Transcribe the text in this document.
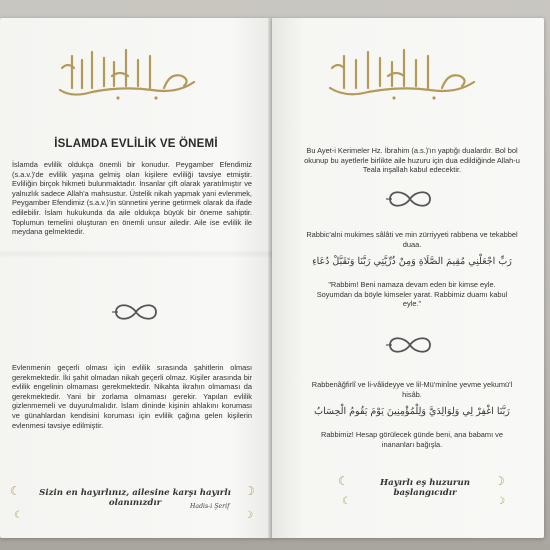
İSLAMDA EVLİLİK VE ÖNEMİ
İslamda evlilik oldukça önemli bir konudur. Peygamber Efendimiz (s.a.v.)'de evlilik yaşına gelmiş olan kişilere evliliği tavsiye etmiştir. Evliliğin birçok hikmeti bulunmaktadır. İnsanlar çift olarak yaratılmıştır ve yalnızlık sadece Allah'a mahsustur. Üstelik nikah yapmak yani evlenmek, Peygamber Efendimiz (s.a.v.)'in sünnetini yerine getirmek olarak da ifade edilebilir. İslam hukukunda da aile oldukça büyük bir öneme sahiptir. Toplumun temelini oluşturan en önemli unsur ailedir. Aile ise evlilik ile meydana gelmektedir.
Evlenmenin geçerli olması için evlilik sırasında şahitlerin olması gerekmektedir. İki şahit olmadan nikah geçerli olmaz. Kişiler arasında bir evlilik engelinin olmaması gerekmektedir. Nikahta ikrahın olmaması da gerekmektedir. Yani bir zorlama olmaması gerekir. Yapılan evlilik gizlenmemeli ve duyurulmalıdır. İslam dininde kişinin ahlakını koruması ve günahlardan kendisini koruması için evlilik çağına gelen kişilerin evlenmesi tavsiye edilmiştir.
☾	Sizin en hayırlınız, ailesine karşı hayırlı olanınızdır
☽
Hadis-i Şerif
☾	☽
Bu Ayet-i Kerimeler Hz. İbrahim (a.s.)'ın yaptığı dualardır. Bol bol okunup bu ayetlerle birlikte aile huzuru için dua edildiğinde Allah-u Teala inşallah kabul edecektir.
Rabbic'alni mukimes sâlâti ve min zürriyyeti rabbena ve tekabbel duaa.
رَبِّ اجْعَلْنِي مُقِيمَ الصَّلَاةِ وَمِنْ ذُرِّيَّتِي رَبَّنَا وَتَقَبَّلْ دُعَاءِ
"Rabbim! Beni namaza devam eden bir kimse eyle. Soyumdan da böyle kimseler yarat. Rabbimiz duamı kabul eyle."
Rabbenâğfirlî ve li-vâlideyye ve lil-Mü'minîne yevme yekumü'l hisâb.
رَبَّنَا اغْفِرْ لِي وَلِوَالِدَيَّ وَلِلْمُؤْمِنِينَ يَوْمَ يَقُومُ الْحِسَابُ
Rabbimiz! Hesap görülecek günde beni, ana babamı ve inananları bağışla.
☾	Hayırlı eş huzurun başlangıcıdır
☽
☾	☽
